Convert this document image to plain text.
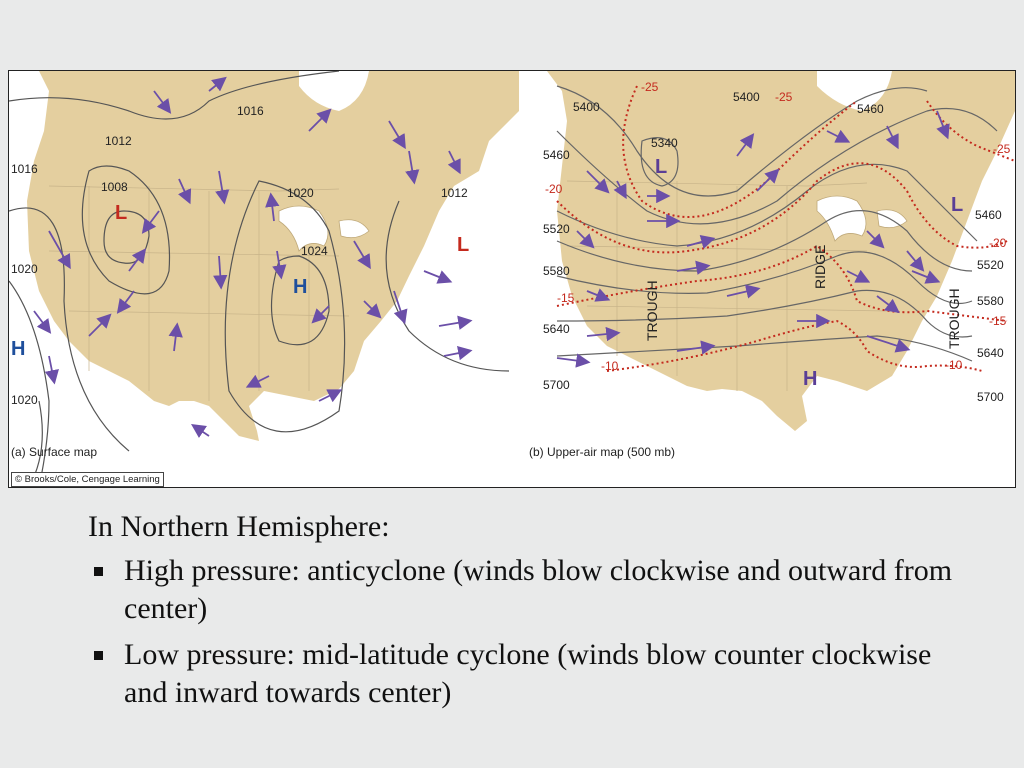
1016
1012
1008
1016
1020
1024
1012
1020
1020
L
L
H
H
(a) Surface map
5400
5340
5400
5460
5460
5520
5580
5640
5700
5460
5520
5580
5640
5700
-25
-25
-25
-20
-20
-15
-15
-10	-10
TROUGH
RIDGE
TROUGH
L
L
H
(b) Upper-air map (500 mb)
© Brooks/Cole, Cengage Learning
In Northern Hemisphere:
High pressure: anticyclone (winds blow clockwise and outward from center)
Low pressure: mid-latitude cyclone (winds blow counter clockwise and inward towards center)
